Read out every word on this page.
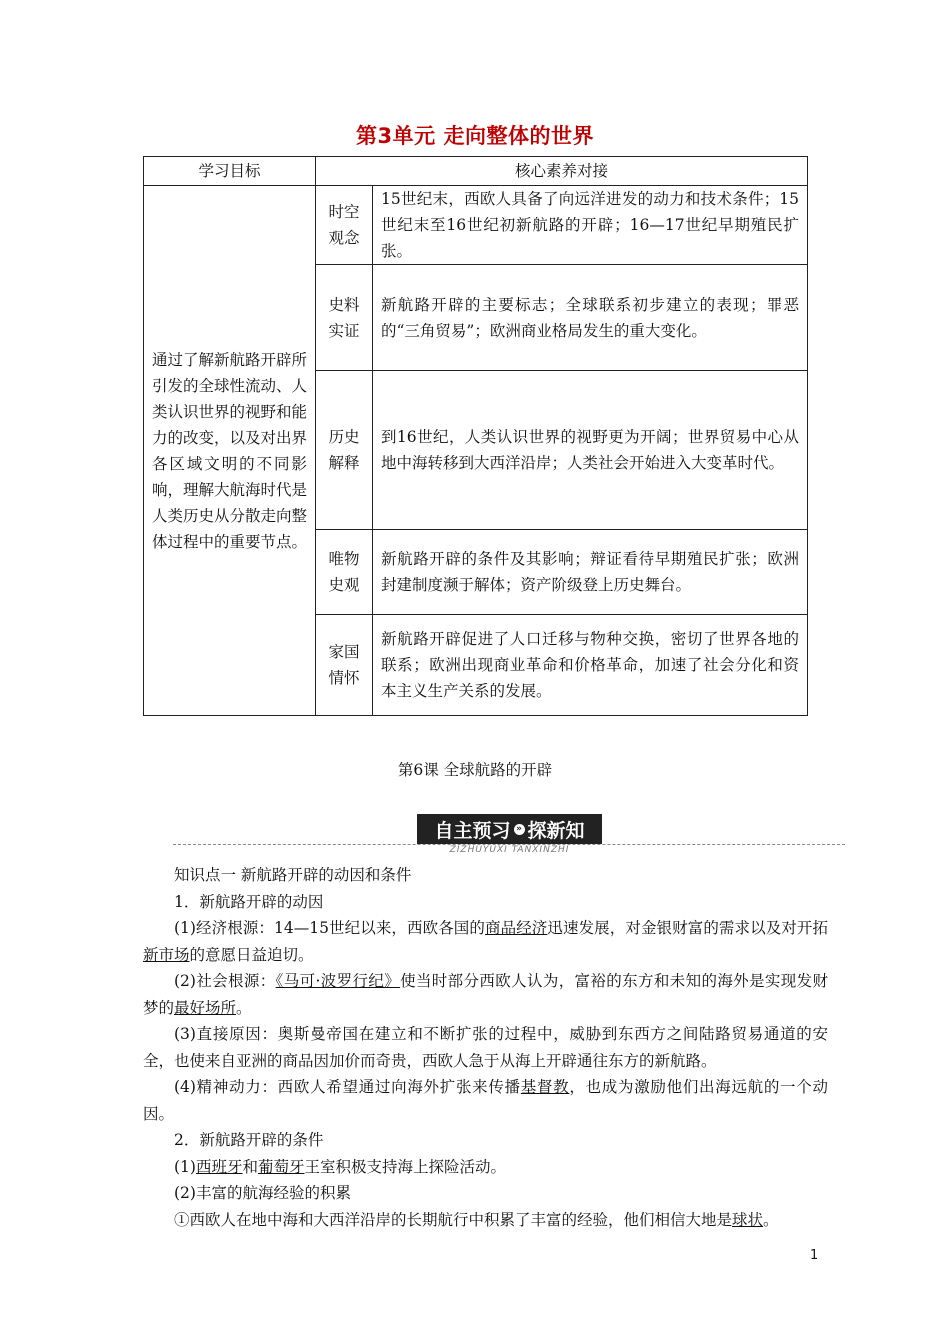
第3单元 走向整体的世界
学习目标	核心素养对接	
通过了解新航路开辟所引发的全球性流动、人类认识世界的视野和能力的改变，以及对出界各区域文明的不同影响，理解大航海时代是人类历史从分散走向整体过程中的重要节点。	时空观念	15世纪末，西欧人具备了向远洋进发的动力和技术条件；15世纪末至16世纪初新航路的开辟；16—17世纪早期殖民扩张。
	史料实证	新航路开辟的主要标志；全球联系初步建立的表现；罪恶的“三角贸易”；欧洲商业格局发生的重大变化。
	历史解释	到16世纪，人类认识世界的视野更为开阔；世界贸易中心从地中海转移到大西洋沿岸；人类社会开始进入大变革时代。
	唯物史观	新航路开辟的条件及其影响；辩证看待早期殖民扩张；欧洲封建制度濒于解体；资产阶级登上历史舞台。
	家国情怀	新航路开辟促进了人口迁移与物种交换，密切了世界各地的联系；欧洲出现商业革命和价格革命，加速了社会分化和资本主义生产关系的发展。
第6课 全球航路的开辟
自主预习 » 探新知
ZIZHUYUXI TANXINZHI

知识点一 新航路开辟的动因和条件

1．新航路开辟的动因

(1)经济根源：14—15世纪以来，西欧各国的商品经济迅速发展，对金银财富的需求以及对开拓新市场的意愿日益迫切。

(2)社会根源：《马可·波罗行纪》使当时部分西欧人认为，富裕的东方和未知的海外是实现发财梦的最好场所。

(3)直接原因：奥斯曼帝国在建立和不断扩张的过程中，威胁到东西方之间陆路贸易通道的安全，也使来自亚洲的商品因加价而奇贵，西欧人急于从海上开辟通往东方的新航路。

(4)精神动力：西欧人希望通过向海外扩张来传播基督教，也成为激励他们出海远航的一个动因。

2．新航路开辟的条件

(1)西班牙和葡萄牙王室积极支持海上探险活动。

(2)丰富的航海经验的积累

①西欧人在地中海和大西洋沿岸的长期航行中积累了丰富的经验，他们相信大地是球状。

1
